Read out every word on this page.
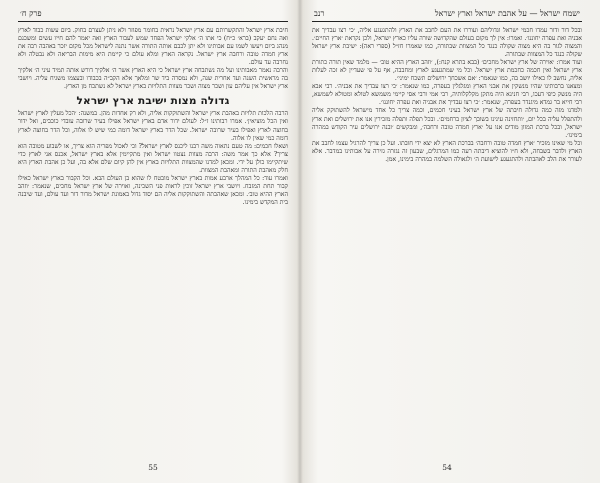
פרק ח׳

חיבת ארץ ישראל והתקשרותם עם ארץ ישראל נראית בחומר מפוזר ולא ניתן לעצרם בחוק. ביום עשות כבוד לארץ ואה נחם יעקב (ברא׳ כ״ח) כי אתו ה׳ אלקי ישראל הפחד שמש לעבור הארץ ואה יאמר להם חייו עשים ומשכנם מנהג ביום ויעשו לשמו עם אבותינו ולא יתן לכבם אותה התורה אשר נתנה לישראל מכל מקום יזכר באהבה רבה את ארץ חמדה טובה ורחבה ארץ ישראל. נקראה הארץ ומלא עולם כי קיימת היא מימות הבריאה ולא נבטלה ולא נחרבה עד עולם.

והרבה נאמר מאבותינו ועל מה נשתבחה ארץ ישראל כי היא הארץ אשר ה׳ אלקיך דורש אותה תמיד עיני ה׳ אלקיך בה מראשית השנה ועד אחרית שנה, ולא נמסרה ביד שר ומלאך אלא הקב״ה בכבודו ובעצמו משגיח עליה. ויושבי ארץ ישראל אין עליהם עון ושכר מצוה ושכר מצוות התלויות בארץ ישראל לא נשתכח מן הארץ.

גדולה מצות ישיבת ארץ ישראל

הרבה הלכות תלויות באהבת ארץ ישראל והשתוקקות אליה, ולא רק אחדות מהן. במשנה: ׳הכל מעלין לארץ ישראל ואין הכל מוציאין׳. אמרו רבותינו ז״ל: לעולם ידור אדם בארץ ישראל אפילו בעיר שרובה עובדי כוכבים, ואל ידור בחוצה לארץ ואפילו בעיר שרובה ישראל. שכל הדר בארץ ישראל דומה כמי שיש לו אלוה, וכל הדר בחוצה לארץ דומה כמי שאין לו אלוה.

ושאלו חכמים: מה טעם נתאוה משה רבנו ליכנס לארץ ישראל? וכי לאכול מפריה הוא צריך, או לשבוע מטובה הוא צריך? אלא כך אמר משה: הרבה מצוות נצטוו ישראל ואין מתקיימין אלא בארץ ישראל, אכנס אני לארץ כדי שיתקיימו כולן על ידי. ומכאן למדנו שהמצוות התלויות בארץ אין להן קיום שלם אלא בה, ועל כן אהבת הארץ היא חלק מאהבת התורה ומאהבת המצוות.

ואמרו עוד: כל המהלך ארבע אמות בארץ ישראל מובטח לו שהוא בן העולם הבא. וכל הקבור בארץ ישראל כאילו קבור תחת המזבח. ויושבי ארץ ישראל זוכין לראות פני השכינה, ואוירה של ארץ ישראל מחכים, שנאמר: ׳וזהב הארץ ההיא טוב׳. ומכאן שאהבתה והשתוקקות אליה הם יסוד גדול באמונת ישראל מדור דור ועד עולם, ועד שיבנה בית המקדש בימינו.

55
ישמח ישראל — על אהבת ישראל וארץ ישראל
רנב

ובכל דור ודור עמדו חכמי ישראל וגדוליהם ועוררו את העם לחבב את הארץ ולהתגעגע אליה, ׳כי רצו עבדיך את אבניה ואת עפרה יחוננו׳. ואמרו: אין לך מקום בעולם שהקדושה שורה עליו כארץ ישראל, ולכן נקראת ׳ארץ החיים׳. והמצוה לגור בה היא מצוה שקולה כנגד כל המצוות שבתורה, כמו שאמרו חז״ל (ספרי ראה): ישיבת ארץ ישראל שקולה כנגד כל המצוות שבתורה.

ועוד אמרו: ׳אוירה של ארץ ישראל מחכים׳ (בבא בתרא קנח:), ׳וזהב הארץ ההיא טוב׳ — מלמד שאין תורה כתורת ארץ ישראל ואין חכמה כחכמת ארץ ישראל. וכל מי שמתגעגע לארץ ומחבבה, אף על פי שעדיין לא זכה לעלות אליה, נחשב לו כאילו יושב בה, כמו שנאמר: ׳אם אשכחך ירושלים תשכח ימיני׳.

ומצאנו ברבותינו שהיו מנשקין את אבני הארץ ומגלגלין בעפרה, כמו שנאמר: ׳כי רצו עבדיך את אבניה׳. רבי אבא היה מנשק כיפי דעכו, רבי חנינא היה מתקן מקלקלותיה, רבי אמי ורבי אסי קיימי משמשא לטולא ומטולא לשמשא, רבי חייא בר גמדא מיגנדר בעפרה, שנאמר: ׳כי רצו עבדיך את אבניה ואת עפרה יחוננו׳.

ולמדנו מזה כמה גדולה חיבתה של ארץ ישראל בעיני חכמים, וכמה צריך כל אחד מישראל להשתוקק אליה ולהתפלל עליה בכל יום, ׳ותחזינה עינינו בשובך לציון ברחמים׳. ובכל תפלה ותפלה מזכירין אנו את ירושלים ואת ארץ ישראל, ובכל ברכת המזון מודים אנו על ׳ארץ חמדה טובה ורחבה׳, ומבקשים ׳ובנה ירושלים עיר הקודש במהרה בימינו׳.

וכל מי שאינו מזכיר ׳ארץ חמדה טובה ורחבה׳ בברכת הארץ לא יצא ידי חובתו. ועל כן צריך להרגיל עצמו לחבב את הארץ ולדבר בשבחה, ולא ח״ו להוציא דיבתה רעה כמו המרגלים, שבעון זה נגזרה גזירה על אבותינו במדבר. אלא לעורר את הלב לאהבתה ולהתגעגע לישועת ה׳ ולגאולה השלמה במהרה בימינו, אמן.

54
